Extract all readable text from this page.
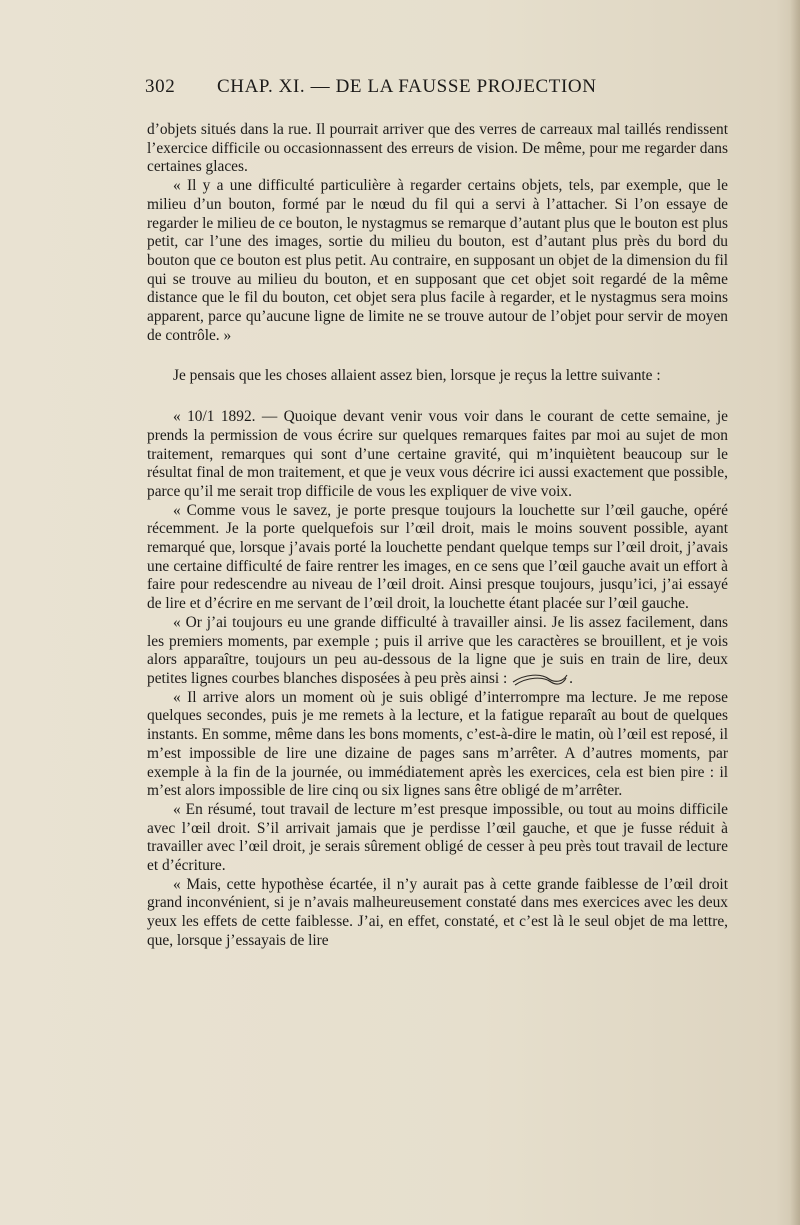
302 CHAP. XI. — DE LA FAUSSE PROJECTION

d’objets situés dans la rue. Il pourrait arriver que des verres de carreaux mal taillés rendissent l’exercice difficile ou occasionnassent des erreurs de vision. De même, pour me regarder dans certaines glaces.

« Il y a une difficulté particulière à regarder certains objets, tels, par exemple, que le milieu d’un bouton, formé par le nœud du fil qui a servi à l’attacher. Si l’on essaye de regarder le milieu de ce bouton, le nystagmus se remarque d’autant plus que le bouton est plus petit, car l’une des images, sortie du milieu du bouton, est d’autant plus près du bord du bouton que ce bouton est plus petit. Au contraire, en supposant un objet de la dimension du fil qui se trouve au milieu du bouton, et en supposant que cet objet soit regardé de la même distance que le fil du bouton, cet objet sera plus facile à regarder, et le nystagmus sera moins apparent, parce qu’aucune ligne de limite ne se trouve autour de l’objet pour servir de moyen de contrôle. »

Je pensais que les choses allaient assez bien, lorsque je reçus la lettre suivante :

« 10/1 1892. — Quoique devant venir vous voir dans le courant de cette semaine, je prends la permission de vous écrire sur quelques remarques faites par moi au sujet de mon traitement, remarques qui sont d’une certaine gravité, qui m’inquiètent beaucoup sur le résultat final de mon traitement, et que je veux vous décrire ici aussi exactement que possible, parce qu’il me serait trop difficile de vous les expliquer de vive voix.

« Comme vous le savez, je porte presque toujours la louchette sur l’œil gauche, opéré récemment. Je la porte quelquefois sur l’œil droit, mais le moins souvent possible, ayant remarqué que, lorsque j’avais porté la louchette pendant quelque temps sur l’œil droit, j’avais une certaine difficulté de faire rentrer les images, en ce sens que l’œil gauche avait un effort à faire pour redescendre au niveau de l’œil droit. Ainsi presque toujours, jusqu’ici, j’ai essayé de lire et d’écrire en me servant de l’œil droit, la louchette étant placée sur l’œil gauche.

« Or j’ai toujours eu une grande difficulté à travailler ainsi. Je lis assez facilement, dans les premiers moments, par exemple ; puis il arrive que les caractères se brouillent, et je vois alors apparaître, toujours un peu au-dessous de la ligne que je suis en train de lire, deux petites lignes courbes blanches disposées à peu près ainsi :	.

« Il arrive alors un moment où je suis obligé d’interrompre ma lecture. Je me repose quelques secondes, puis je me remets à la lecture, et la fatigue reparaît au bout de quelques instants. En somme, même dans les bons moments, c’est-à-dire le matin, où l’œil est reposé, il m’est impossible de lire une dizaine de pages sans m’arrêter. A d’autres moments, par exemple à la fin de la journée, ou immédiatement après les exercices, cela est bien pire : il m’est alors impossible de lire cinq ou six lignes sans être obligé de m’arrêter.

« En résumé, tout travail de lecture m’est presque impossible, ou tout au moins difficile avec l’œil droit. S’il arrivait jamais que je perdisse l’œil gauche, et que je fusse réduit à travailler avec l’œil droit, je serais sûrement obligé de cesser à peu près tout travail de lecture et d’écriture.

« Mais, cette hypothèse écartée, il n’y aurait pas à cette grande faiblesse de l’œil droit grand inconvénient, si je n’avais malheureusement constaté dans mes exercices avec les deux yeux les effets de cette faiblesse. J’ai, en effet, constaté, et c’est là le seul objet de ma lettre, que, lorsque j’essayais de lire
